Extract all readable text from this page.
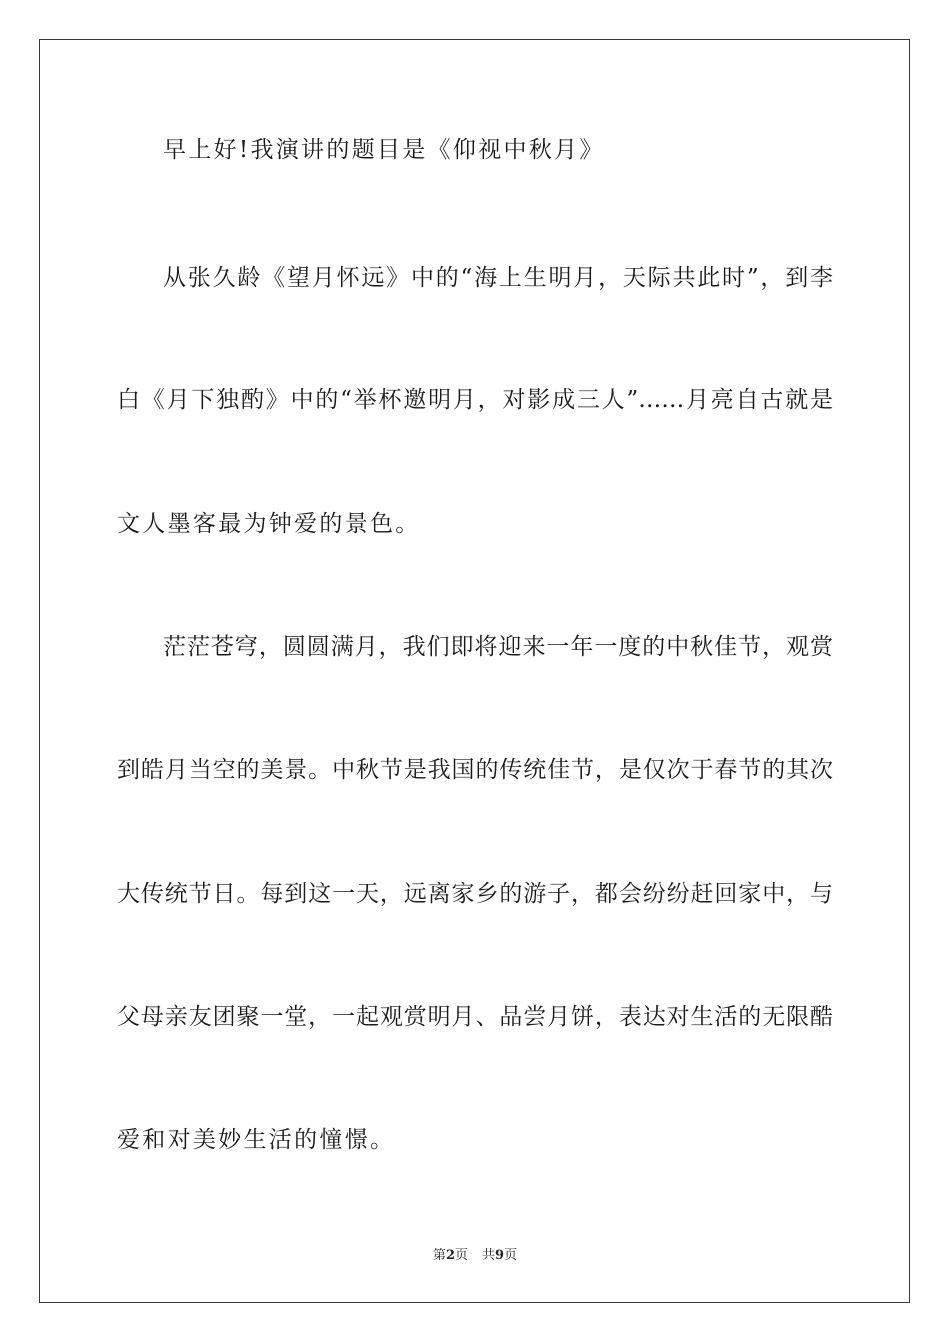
早上好!我演讲的题目是《仰视中秋月》
从张久龄《望月怀远》中的“海上生明月，天际共此时”，到李
白《月下独酌》中的“举杯邀明月，对影成三人”……月亮自古就是
文人墨客最为钟爱的景色。
茫茫苍穹，圆圆满月，我们即将迎来一年一度的中秋佳节，观赏
到皓月当空的美景。中秋节是我国的传统佳节，是仅次于春节的其次
大传统节日。每到这一天，远离家乡的游子，都会纷纷赶回家中，与
父母亲友团聚一堂，一起观赏明月、品尝月饼，表达对生活的无限酷
爱和对美妙生活的憧憬。
第2页 共9页
